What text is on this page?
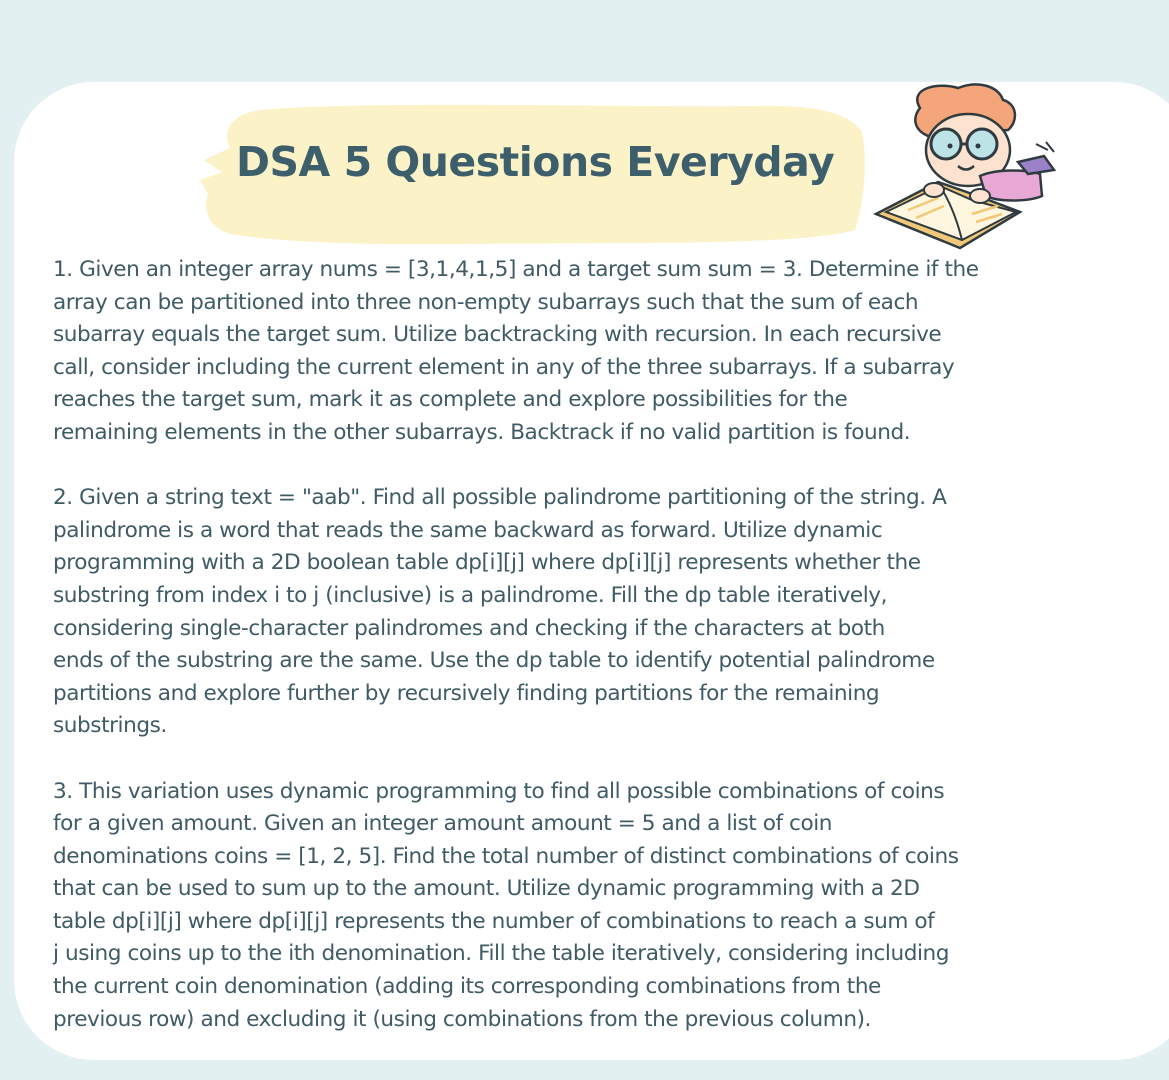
DSA 5 Questions Everyday

1. Given an integer array nums = [3,1,4,1,5] and a target sum sum = 3. Determine if the
array can be partitioned into three non-empty subarrays such that the sum of each
subarray equals the target sum. Utilize backtracking with recursion. In each recursive
call, consider including the current element in any of the three subarrays. If a subarray
reaches the target sum, mark it as complete and explore possibilities for the
remaining elements in the other subarrays. Backtrack if no valid partition is found.

2. Given a string text = "aab". Find all possible palindrome partitioning of the string. A
palindrome is a word that reads the same backward as forward. Utilize dynamic
programming with a 2D boolean table dp[i][j] where dp[i][j] represents whether the
substring from index i to j (inclusive) is a palindrome. Fill the dp table iteratively,
considering single-character palindromes and checking if the characters at both
ends of the substring are the same. Use the dp table to identify potential palindrome
partitions and explore further by recursively finding partitions for the remaining
substrings.

3. This variation uses dynamic programming to find all possible combinations of coins
for a given amount. Given an integer amount amount = 5 and a list of coin
denominations coins = [1, 2, 5]. Find the total number of distinct combinations of coins
that can be used to sum up to the amount. Utilize dynamic programming with a 2D
table dp[i][j] where dp[i][j] represents the number of combinations to reach a sum of
j using coins up to the ith denomination. Fill the table iteratively, considering including
the current coin denomination (adding its corresponding combinations from the
previous row) and excluding it (using combinations from the previous column).
